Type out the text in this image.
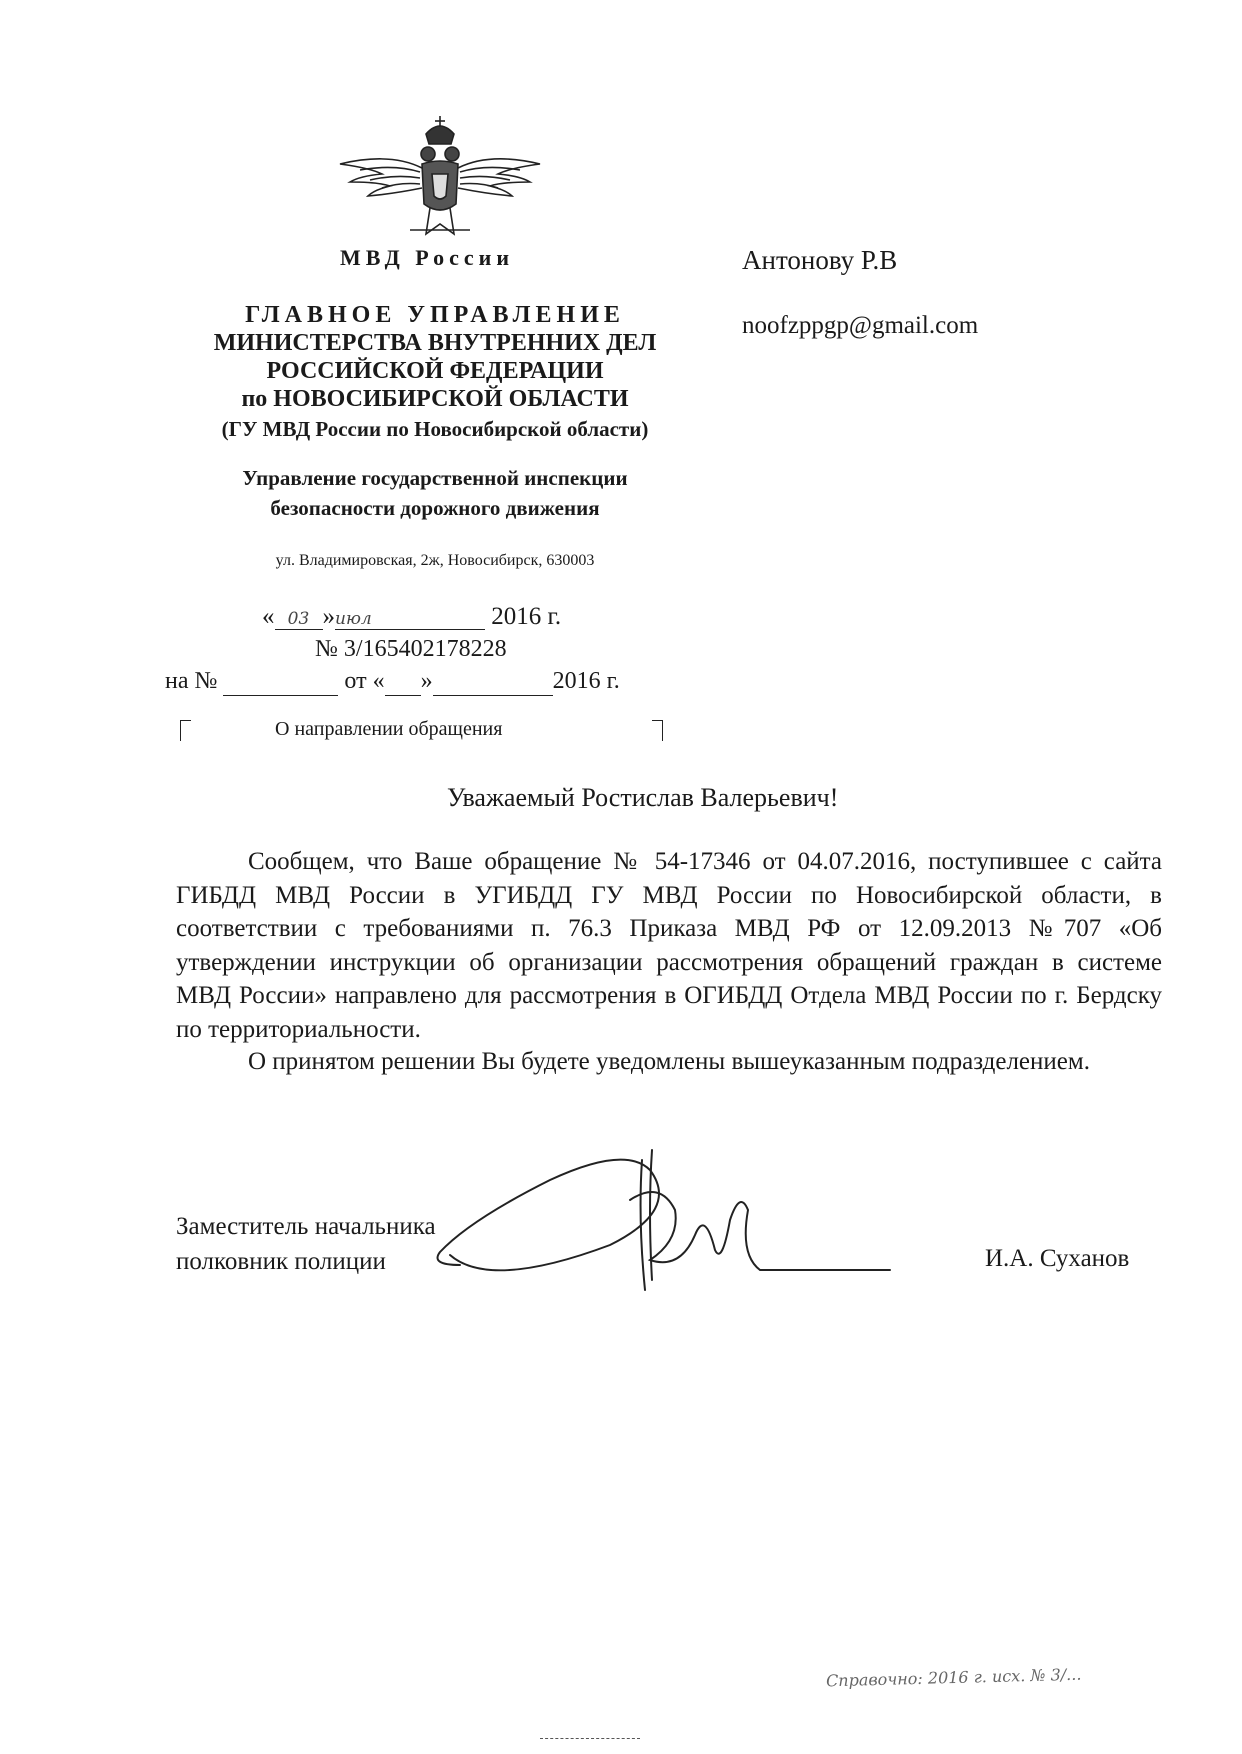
МВД России	Антонову Р.В
noofzppgp@gmail.com
ГЛАВНОЕ УПРАВЛЕНИЕ
МИНИСТЕРСТВА ВНУТРЕННИХ ДЕЛ
РОССИЙСКОЙ ФЕДЕРАЦИИ
по НОВОСИБИРСКОЙ ОБЛАСТИ
(ГУ МВД России по Новосибирской области)
Управление государственной инспекции
безопасности дорожного движения
ул. Владимировская, 2ж, Новосибирск, 630003
« 03 »июл	2016 г.
№ 3/165402178228
на №	от « »	2016 г.
О направлении обращения
Уважаемый Ростислав Валерьевич!
Сообщем, что Ваше обращение № 54-17346 от 04.07.2016, поступившее с сайта ГИБДД МВД России в УГИБДД ГУ МВД России по Новосибирской области, в соответствии с требованиями п. 76.3 Приказа МВД РФ от 12.09.2013 №707 «Об утверждении инструкции об организации рассмотрения обращений граждан в системе МВД России» направлено для рассмотрения в ОГИБДД Отдела МВД России по г. Бердску по территориальности.
О принятом решении Вы будете уведомлены вышеуказанным подразделением.
Заместитель начальника
полковник полиции	И.А. Суханов
Справочно: 2016 г. исх. № 3/...
